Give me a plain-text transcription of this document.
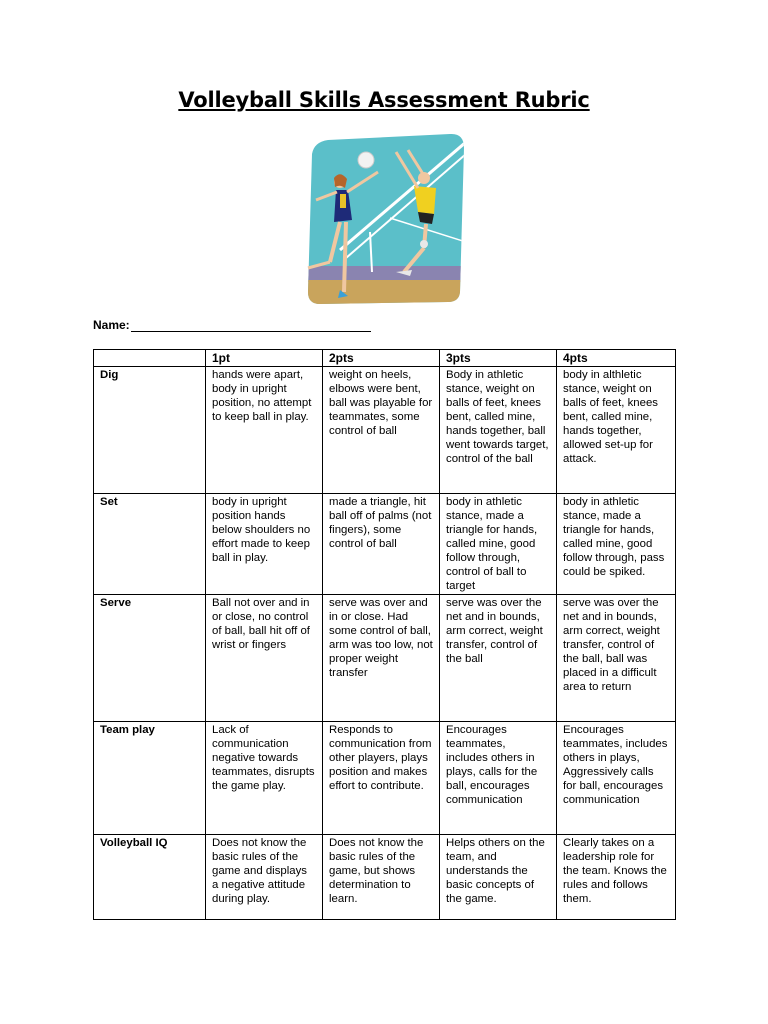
Volleyball Skills Assessment Rubric
Name:
	1pt	2pts	3pts	4pts
Dig	hands were apart, body in upright position, no attempt to keep ball in play.	weight on heels, elbows were bent, ball was playable for teammates, some control of ball	Body in athletic stance, weight on balls of feet, knees bent, called mine, hands together, ball went towards target, control of the ball	body in althletic stance, weight on balls of feet, knees bent, called mine, hands together, allowed set-up for attack.
Set	body in upright position hands below shoulders no effort made to keep ball in play.	made a triangle, hit ball off of palms (not fingers), some control of ball	body in athletic stance, made a triangle for hands, called mine, good follow through, control of ball to target	body in athletic stance, made a triangle for hands, called mine, good follow through, pass could be spiked.
Serve	Ball not over and in or close, no control of ball, ball hit off of wrist or fingers	serve was over and in or close. Had some control of ball, arm was too low, not proper weight transfer	serve was over the net and in bounds, arm correct, weight transfer, control of the ball	serve was over the net and in bounds, arm correct, weight transfer, control of the ball, ball was placed in a difficult area to return
Team play	Lack of communication negative towards teammates, disrupts the game play.	Responds to communication from other players, plays position and makes effort to contribute.	Encourages teammates, includes others in plays, calls for the ball, encourages communication	Encourages teammates, includes others in plays, Aggressively calls for ball, encourages communication
Volleyball IQ	Does not know the basic rules of the game and displays a negative attitude during play.	Does not know the basic rules of the game, but shows determination to learn.	Helps others on the team, and understands the basic concepts of the game.	Clearly takes on a leadership role for the team. Knows the rules and follows them.
